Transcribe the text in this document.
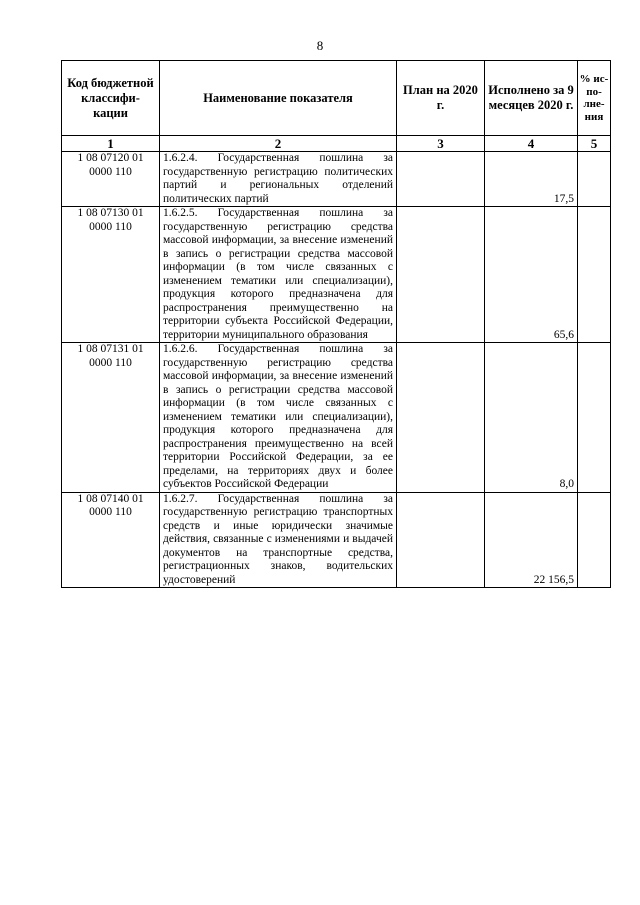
8
Код бюджетной классифи-кации	Наименование показателя	План на 2020 г.	Исполнено за 9 месяцев 2020 г.	% ис-по-лне-ния
1	2	3	4	5
1 08 07120 01 0000 110	1.6.2.4. Государственная пошлина за государственную регистрацию политических партий и региональных отделений политических партий		17,5	
1 08 07130 01 0000 110	1.6.2.5. Государственная пошлина за государственную регистрацию средства массовой информации, за внесение изменений в запись о регистрации средства массовой информации (в том числе связанных с изменением тематики или специализации), продукция которого предназначена для распространения преимущественно на территории субъекта Российской Федерации, территории муниципального образования		65,6	
1 08 07131 01 0000 110	1.6.2.6. Государственная пошлина за государственную регистрацию средства массовой информации, за внесение изменений в запись о регистрации средства массовой информации (в том числе связанных с изменением тематики или специализации), продукция которого предназначена для распространения преимущественно на всей территории Российской Федерации, за ее пределами, на территориях двух и более субъектов Российской Федерации		8,0	
1 08 07140 01 0000 110	1.6.2.7. Государственная пошлина за государственную регистрацию транспортных средств и иные юридически значимые действия, связанные с изменениями и выдачей документов на транспортные средства, регистрационных знаков, водительских удостоверений		22 156,5	
